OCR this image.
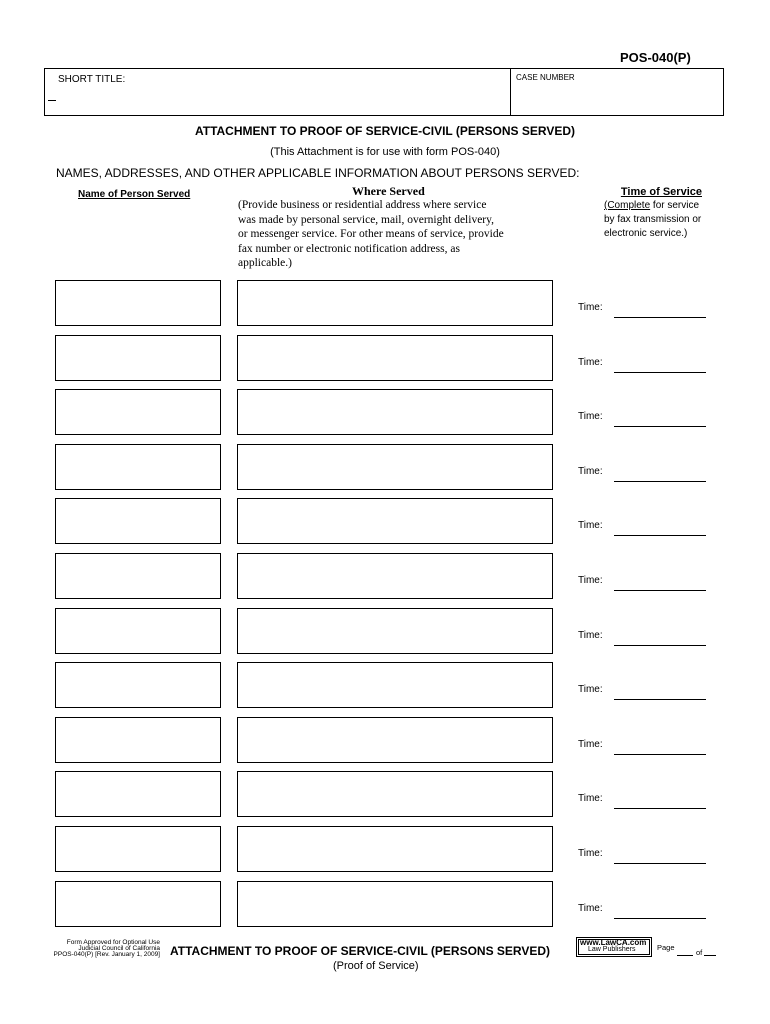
POS-040(P)
SHORT TITLE:	CASE NUMBER
ATTACHMENT TO PROOF OF SERVICE-CIVIL (PERSONS SERVED)
(This Attachment is for use with form POS-040)
NAMES, ADDRESSES, AND OTHER APPLICABLE INFORMATION ABOUT PERSONS SERVED:
Name of Person Served	Where Served
(Provide business or residential address where service was made by personal service, mail, overnight delivery, or messenger service. For other means of service, provide fax number or electronic notification address, as applicable.)
Time of Service
(Complete for service by fax transmission or electronic service.)
Time:
Time:
Time:
Time:
Time:
Time:
Time:
Time:
Time:
Time:
Time:
Time:
Form Approved for Optional Use
Judicial Council of California
PPOS-040(P) [Rev. January 1, 2009] ATTACHMENT TO PROOF OF SERVICE-CIVIL (PERSONS SERVED)
(Proof of Service)
www.LawCA.com
Law Publishers	Page
of
